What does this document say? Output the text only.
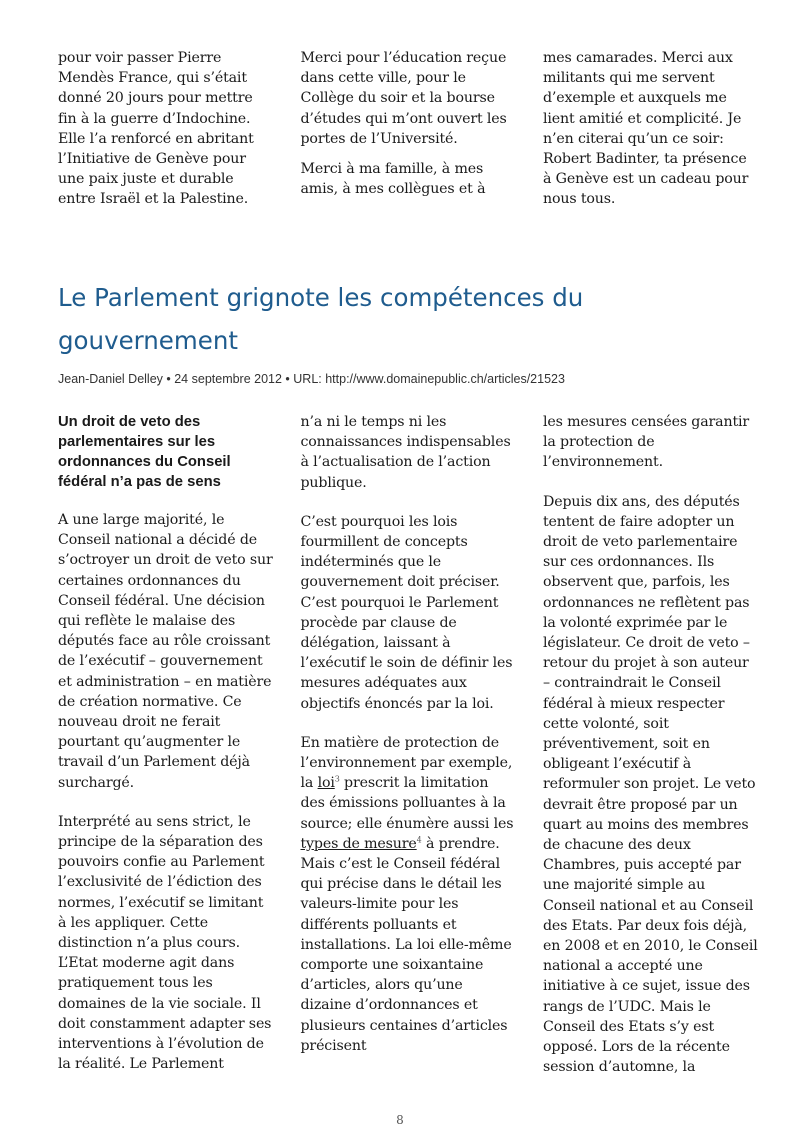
pour voir passer Pierre Mendès France, qui s’était donné 20 jours pour mettre fin à la guerre d’Indochine. Elle l’a renforcé en abritant l’Initiative de Genève pour une paix juste et durable entre Israël et la Palestine.

Merci pour l’éducation reçue dans cette ville, pour le Collège du soir et la bourse d’études qui m’ont ouvert les portes de l’Université.

Merci à ma famille, à mes amis, à mes collègues et à

mes camarades. Merci aux militants qui me servent d’exemple et auxquels me lient amitié et complicité. Je n’en citerai qu’un ce soir: Robert Badinter, ta présence à Genève est un cadeau pour nous tous.

Le Parlement grignote les compétences du gouvernement
Jean-Daniel Delley • 24 septembre 2012 • URL: http://www.domainepublic.ch/articles/21523
Un droit de veto des parlementaires sur les ordonnances du Conseil fédéral n’a pas de sens

A une large majorité, le Conseil national a décidé de s’octroyer un droit de veto sur certaines ordonnances du Conseil fédéral. Une décision qui reflète le malaise des députés face au rôle croissant de l’exécutif – gouvernement et administration – en matière de création normative. Ce nouveau droit ne ferait pourtant qu’augmenter le travail d’un Parlement déjà surchargé.

Interprété au sens strict, le principe de la séparation des pouvoirs confie au Parlement l’exclusivité de l’édiction des normes, l’exécutif se limitant à les appliquer. Cette distinction n’a plus cours. L’Etat moderne agit dans pratiquement tous les domaines de la vie sociale. Il doit constamment adapter ses interventions à l’évolution de la réalité. Le Parlement

n’a ni le temps ni les connaissances indispensables à l’actualisation de l’action publique.

C’est pourquoi les lois fourmillent de concepts indéterminés que le gouvernement doit préciser. C’est pourquoi le Parlement procède par clause de délégation, laissant à l’exécutif le soin de définir les mesures adéquates aux objectifs énoncés par la loi.

En matière de protection de l’environnement par exemple, la loi$^3$ prescrit la limitation des émissions polluantes à la source; elle énumère aussi les types de mesure$^4$ à prendre. Mais c’est le Conseil fédéral qui précise dans le détail les valeurs-limite pour les différents polluants et installations. La loi elle-même comporte une soixantaine d’articles, alors qu’une dizaine d’ordonnances et plusieurs centaines d’articles précisent

les mesures censées garantir la protection de l’environnement.

Depuis dix ans, des députés tentent de faire adopter un droit de veto parlementaire sur ces ordonnances. Ils observent que, parfois, les ordonnances ne reflètent pas la volonté exprimée par le législateur. Ce droit de veto – retour du projet à son auteur – contraindrait le Conseil fédéral à mieux respecter cette volonté, soit préventivement, soit en obligeant l’exécutif à reformuler son projet. Le veto devrait être proposé par un quart au moins des membres de chacune des deux Chambres, puis accepté par une majorité simple au Conseil national et au Conseil des Etats. Par deux fois déjà, en 2008 et en 2010, le Conseil national a accepté une initiative à ce sujet, issue des rangs de l’UDC. Mais le Conseil des Etats s’y est opposé. Lors de la récente session d’automne, la

8
